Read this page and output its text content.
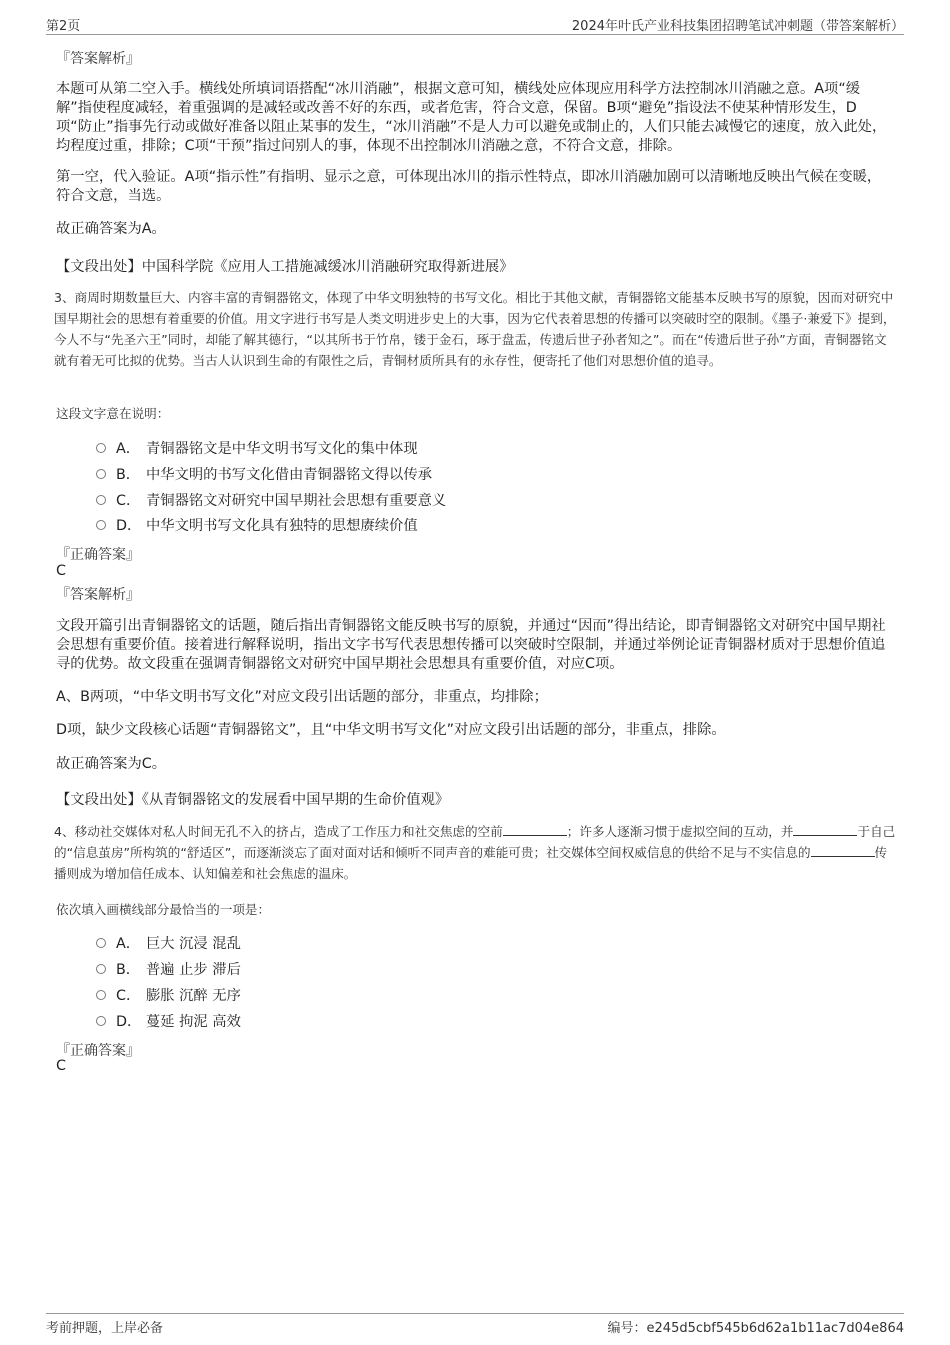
第2页	2024年叶氏产业科技集团招聘笔试冲刺题（带答案解析）
『答案解析』
本题可从第二空入手。横线处所填词语搭配“冰川消融”，根据文意可知，横线处应体现应用科学方法控制冰川消融之意。A项“缓解”指使程度减轻，着重强调的是减轻或改善不好的东西，或者危害，符合文意，保留。B项“避免”指设法不使某种情形发生，D项“防止”指事先行动或做好准备以阻止某事的发生，“冰川消融”不是人力可以避免或制止的，人们只能去减慢它的速度，放入此处，均程度过重，排除；C项“干预”指过问别人的事，体现不出控制冰川消融之意，不符合文意，排除。
第一空，代入验证。A项“指示性”有指明、显示之意，可体现出冰川的指示性特点，即冰川消融加剧可以清晰地反映出气候在变暖，符合文意，当选。
故正确答案为A。
【文段出处】中国科学院《应用人工措施减缓冰川消融研究取得新进展》
3、商周时期数量巨大、内容丰富的青铜器铭文，体现了中华文明独特的书写文化。相比于其他文献，青铜器铭文能基本反映书写的原貌，因而对研究中国早期社会的思想有着重要的价值。用文字进行书写是人类文明进步史上的大事，因为它代表着思想的传播可以突破时空的限制。《墨子·兼爱下》提到，今人不与“先圣六王”同时，却能了解其德行，“以其所书于竹帛，镂于金石，琢于盘盂，传遗后世子孙者知之”。而在“传遗后世子孙”方面，青铜器铭文就有着无可比拟的优势。当古人认识到生命的有限性之后，青铜材质所具有的永存性，便寄托了他们对思想价值的追寻。
这段文字意在说明：
A． 青铜器铭文是中华文明书写文化的集中体现
B． 中华文明的书写文化借由青铜器铭文得以传承
C． 青铜器铭文对研究中国早期社会思想有重要意义
D． 中华文明书写文化具有独特的思想赓续价值
『正确答案』
C
『答案解析』
文段开篇引出青铜器铭文的话题，随后指出青铜器铭文能反映书写的原貌，并通过“因而”得出结论，即青铜器铭文对研究中国早期社会思想有重要价值。接着进行解释说明，指出文字书写代表思想传播可以突破时空限制，并通过举例论证青铜器材质对于思想价值追寻的优势。故文段重在强调青铜器铭文对研究中国早期社会思想具有重要价值，对应C项。
A、B两项，“中华文明书写文化”对应文段引出话题的部分，非重点，均排除；
D项，缺少文段核心话题“青铜器铭文”，且“中华文明书写文化”对应文段引出话题的部分，非重点，排除。
故正确答案为C。
【文段出处】《从青铜器铭文的发展看中国早期的生命价值观》
4、移动社交媒体对私人时间无孔不入的挤占，造成了工作压力和社交焦虑的空前	；许多人逐渐习惯于虚拟空间的互动，并	于自己的“信息茧房”所构筑的“舒适区”，而逐渐淡忘了面对面对话和倾听不同声音的难能可贵；社交媒体空间权威信息的供给不足与不实信息的	传播则成为增加信任成本、认知偏差和社会焦虑的温床。
依次填入画横线部分最恰当的一项是：
A． 巨大 沉浸 混乱
B． 普遍 止步 滞后
C． 膨胀 沉醉 无序
D． 蔓延 拘泥 高效
『正确答案』
C
考前押题，上岸必备	编号：e245d5cbf545b6d62a1b11ac7d04e864
